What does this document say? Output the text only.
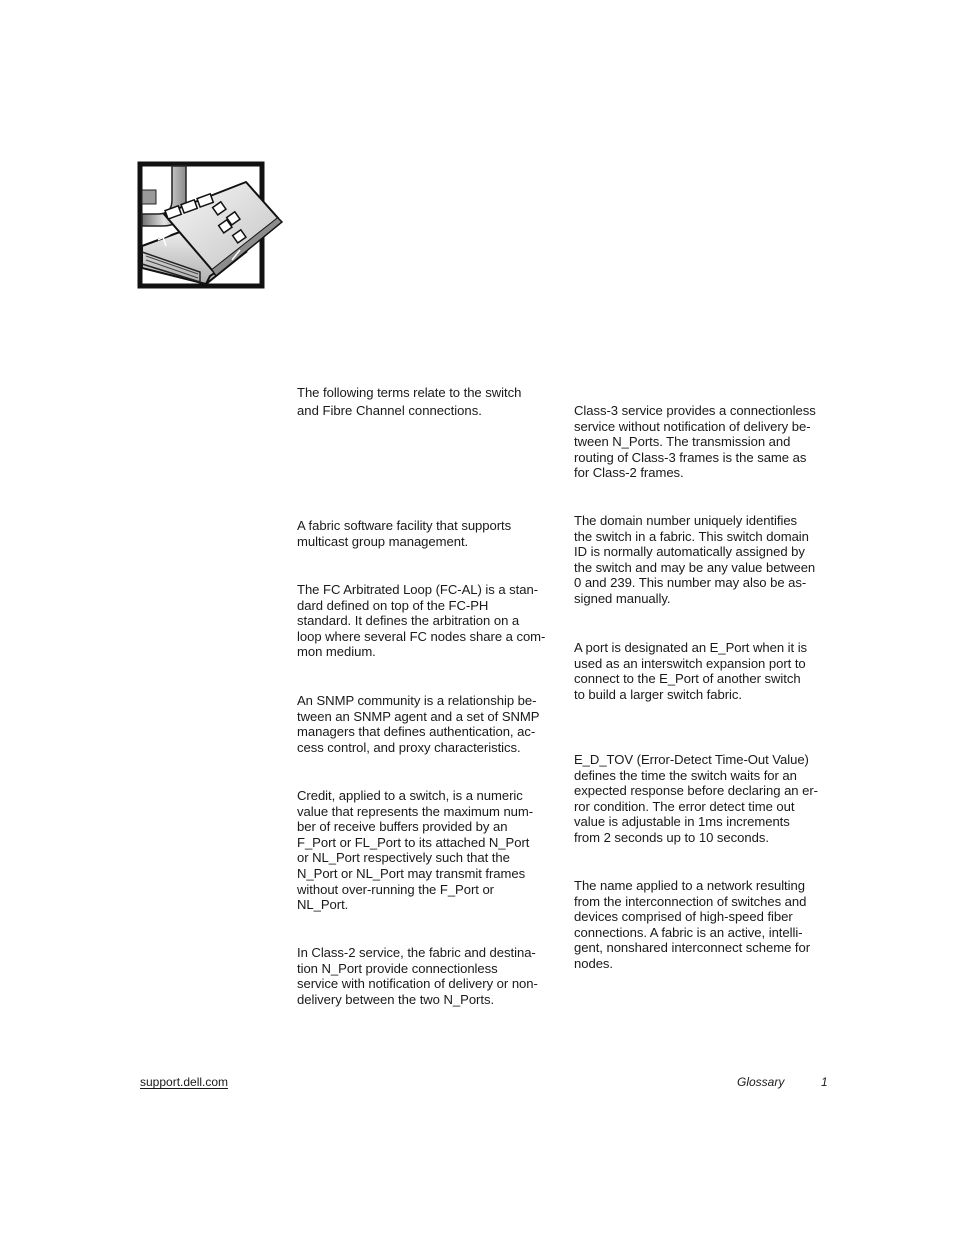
The following terms relate to the switch

and Fibre Channel connections.

A fabric software facility that supports
multicast group management.

The FC Arbitrated Loop (FC-AL) is a stan-
dard defined on top of the FC-PH
standard. It defines the arbitration on a
loop where several FC nodes share a com-
mon medium.

An SNMP community is a relationship be-
tween an SNMP agent and a set of SNMP
managers that defines authentication, ac-
cess control, and proxy characteristics.

Credit, applied to a switch, is a numeric
value that represents the maximum num-
ber of receive buffers provided by an
F_Port or FL_Port to its attached N_Port
or NL_Port respectively such that the
N_Port or NL_Port may transmit frames
without over-running the F_Port or
NL_Port.

In Class-2 service, the fabric and destina-
tion N_Port provide connectionless
service with notification of delivery or non-
delivery between the two N_Ports.

Class-3 service provides a connectionless
service without notification of delivery be-
tween N_Ports. The transmission and
routing of Class-3 frames is the same as
for Class-2 frames.

The domain number uniquely identifies
the switch in a fabric. This switch domain
ID is normally automatically assigned by
the switch and may be any value between
0 and 239. This number may also be as-
signed manually.

A port is designated an E_Port when it is
used as an interswitch expansion port to
connect to the E_Port of another switch
to build a larger switch fabric.

E_D_TOV (Error-Detect Time-Out Value)
defines the time the switch waits for an
expected response before declaring an er-
ror condition. The error detect time out
value is adjustable in 1ms increments
from 2 seconds up to 10 seconds.

The name applied to a network resulting
from the interconnection of switches and
devices comprised of high-speed fiber
connections. A fabric is an active, intelli-
gent, nonshared interconnect scheme for
nodes.

support.dell.com	Glossary	1
